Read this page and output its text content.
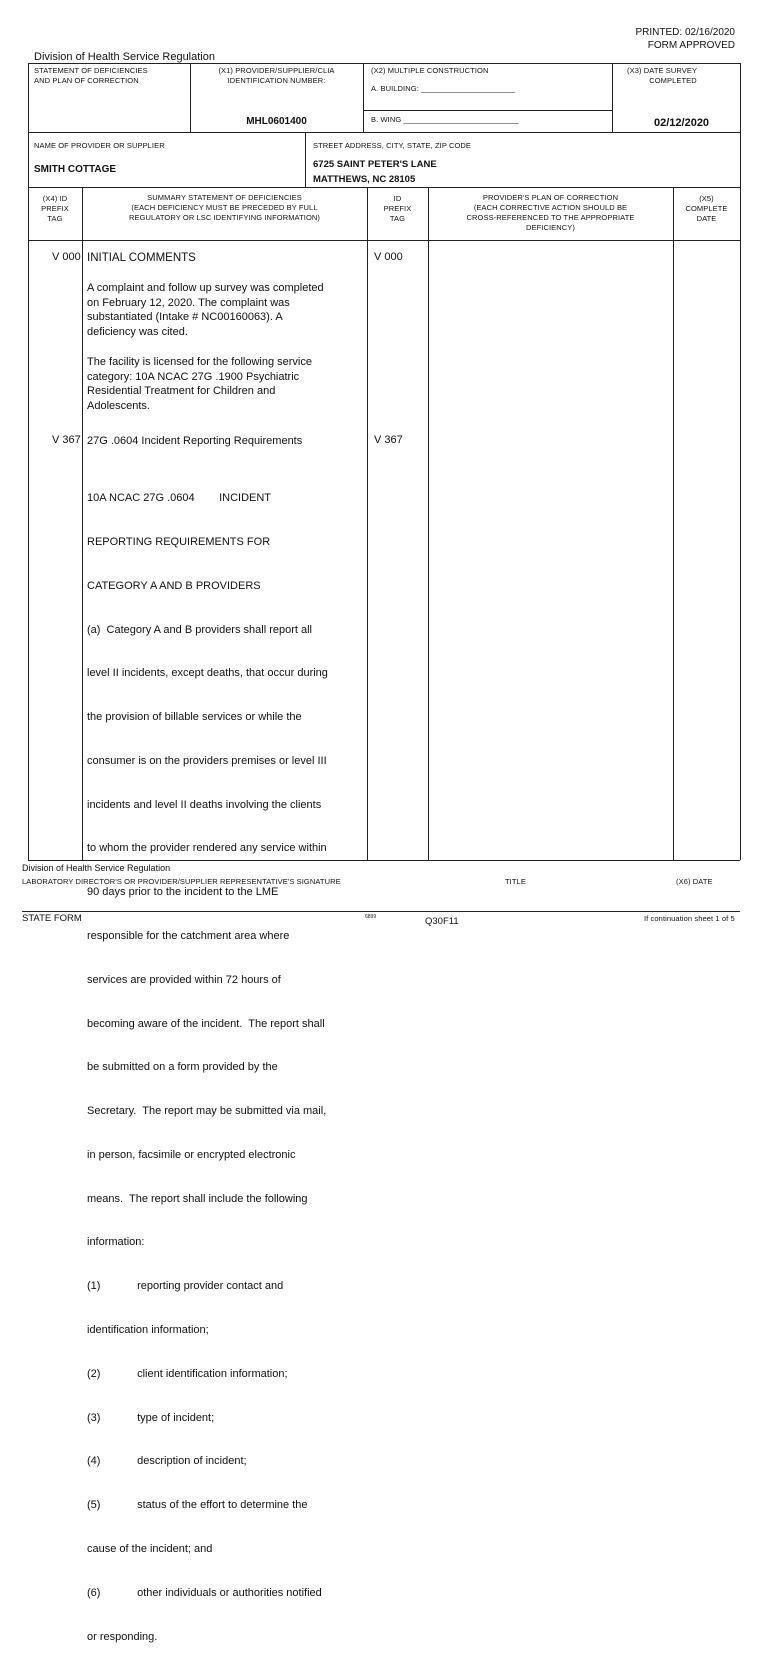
PRINTED: 02/16/2020
FORM APPROVED
Division of Health Service Regulation
STATEMENT OF DEFICIENCIES
AND PLAN OF CORRECTION
(X1) PROVIDER/SUPPLIER/CLIA
IDENTIFICATION NUMBER:
MHL0601400
(X2) MULTIPLE CONSTRUCTION
A. BUILDING: ______________________
B. WING ___________________________
(X3) DATE SURVEY
COMPLETED
02/12/2020
NAME OF PROVIDER OR SUPPLIER
SMITH COTTAGE
STREET ADDRESS, CITY, STATE, ZIP CODE
6725 SAINT PETER'S LANE
MATTHEWS, NC 28105
(X4) ID
PREFIX
TAG
SUMMARY STATEMENT OF DEFICIENCIES
(EACH DEFICIENCY MUST BE PRECEDED BY FULL
REGULATORY OR LSC IDENTIFYING INFORMATION)
ID
PREFIX
TAG
PROVIDER'S PLAN OF CORRECTION
(EACH CORRECTIVE ACTION SHOULD BE
CROSS-REFERENCED TO THE APPROPRIATE
DEFICIENCY)
(X5)
COMPLETE
DATE
V 000 INITIAL COMMENTS	V 000
A complaint and follow up survey was completed
on February 12, 2020. The complaint was
substantiated (Intake # NC00160063). A
deficiency was cited.
The facility is licensed for the following service
category: 10A NCAC 27G .1900 Psychiatric
Residential Treatment for Children and
Adolescents.
V 367 27G .0604 Incident Reporting Requirements	V 367

10A NCAC 27G .0604        INCIDENT

REPORTING REQUIREMENTS FOR

CATEGORY A AND B PROVIDERS

(a)  Category A and B providers shall report all

level II incidents, except deaths, that occur during

the provision of billable services or while the

consumer is on the providers premises or level III

incidents and level II deaths involving the clients

to whom the provider rendered any service within

90 days prior to the incident to the LME

responsible for the catchment area where

services are provided within 72 hours of

becoming aware of the incident.  The report shall

be submitted on a form provided by the

Secretary.  The report may be submitted via mail,

in person, facsimile or encrypted electronic

means.  The report shall include the following

information:

(1)            reporting provider contact and

identification information;

(2)            client identification information;

(3)            type of incident;

(4)            description of incident;

(5)            status of the effort to determine the

cause of the incident; and

(6)            other individuals or authorities notified

or responding.

Division of Health Service Regulation
LABORATORY DIRECTOR'S OR PROVIDER/SUPPLIER REPRESENTATIVE'S SIGNATURE	TITLE	(X6) DATE
STATE FORM	6899	Q30F11	If continuation sheet 1 of 5
